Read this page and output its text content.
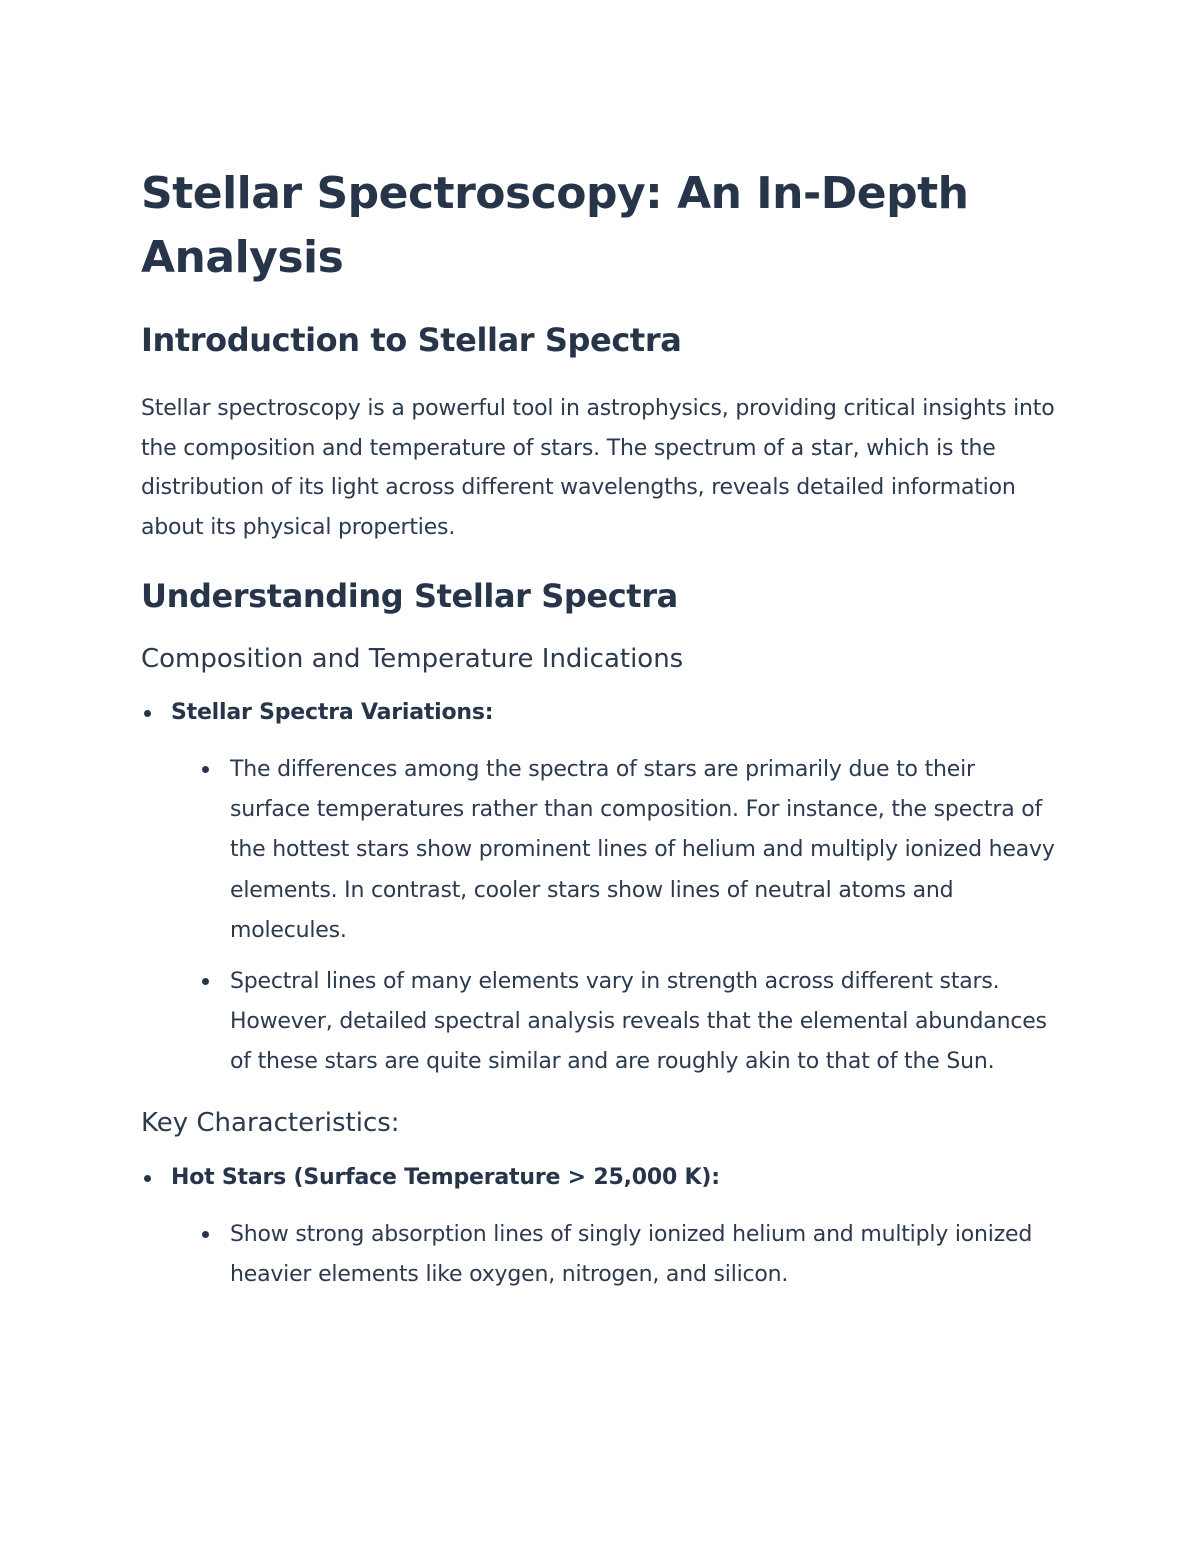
Stellar Spectroscopy: An In-Depth Analysis
Introduction to Stellar Spectra

Stellar spectroscopy is a powerful tool in astrophysics, providing critical insights into the composition and temperature of stars. The spectrum of a star, which is the distribution of its light across different wavelengths, reveals detailed information about its physical properties.

Understanding Stellar Spectra
Composition and Temperature Indications
Stellar Spectra Variations:
The differences among the spectra of stars are primarily due to their surface temperatures rather than composition. For instance, the spectra of the hottest stars show prominent lines of helium and multiply ionized heavy elements. In contrast, cooler stars show lines of neutral atoms and molecules.
Spectral lines of many elements vary in strength across different stars. However, detailed spectral analysis reveals that the elemental abundances of these stars are quite similar and are roughly akin to that of the Sun.
Key Characteristics:
Hot Stars (Surface Temperature > 25,000 K):
Show strong absorption lines of singly ionized helium and multiply ionized heavier elements like oxygen, nitrogen, and silicon.
